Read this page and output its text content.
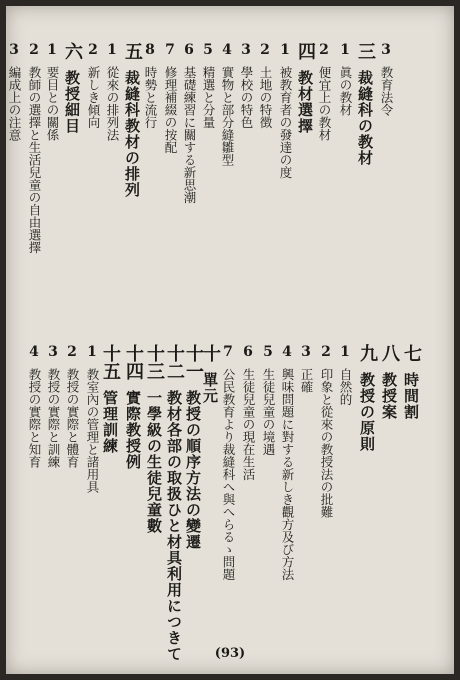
3教育法令
三裁縫科の教材
1眞の教材
2便宜上の教材
四教材選擇
1被教育者の發達の度
2土地の特徴
3學校の特色
4實物と部分縫雛型
5精選と分量
6基礎練習に關する新思潮
7修理補綴の按配
8時勢と流行
五裁縫科教材の排列
1從來の排列法
2新しき傾向
六教授細目
1要目との關係
2教師の選擇と生活兒童の自由選擇
3編成上の注意
七時間割
八教授案
九教授の原則
1自然的
2印象と從來の教授法の批難
3正確
4興味問題に對する新しき觀方及び方法
5生徒兒童の境遇
6生徒兒童の現在生活
7公民教育より裁縫科へ與へらるゝ問題
十單元
十一教授の順序方法の變遷
十二教材各部の取扱ひと材具利用につきて
十三一學級の生徒兒童數
十四實際教授例
十五管理訓練
1教室內の管理と諸用具
2教授の實際と體育
3教授の實際と訓練
4教授の實際と知育
(93)
